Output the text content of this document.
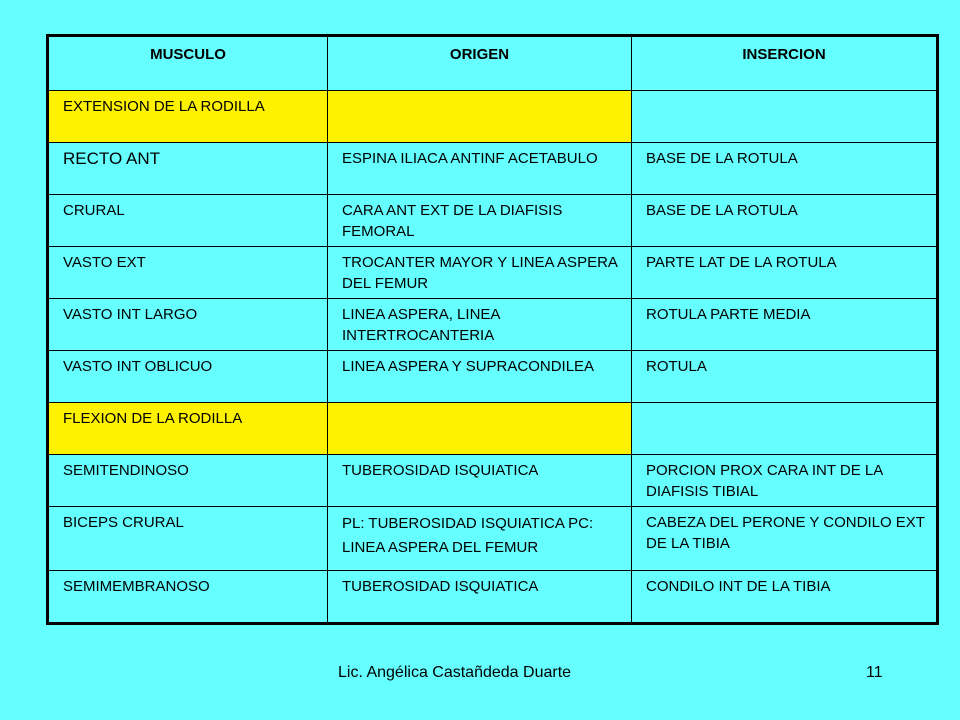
MUSCULO	ORIGEN	INSERCION

EXTENSION DE LA RODILLA		

RECTO ANT	ESPINA ILIACA ANTINF ACETABULO	BASE DE LA ROTULA

CRURAL	CARA ANT EXT DE LA DIAFISIS FEMORAL	BASE DE LA ROTULA

VASTO EXT	TROCANTER MAYOR Y LINEA ASPERA DEL FEMUR	PARTE LAT DE LA ROTULA

VASTO INT LARGO	LINEA ASPERA, LINEA INTERTROCANTERIA	ROTULA PARTE MEDIA

VASTO INT OBLICUO	LINEA ASPERA Y SUPRACONDILEA	ROTULA

FLEXION DE LA RODILLA		

SEMITENDINOSO	TUBEROSIDAD ISQUIATICA	PORCION PROX CARA INT DE LA DIAFISIS TIBIAL

BICEPS CRURAL	PL: TUBEROSIDAD ISQUIATICA PC: LINEA ASPERA DEL FEMUR	CABEZA DEL PERONE Y CONDILO EXT DE LA TIBIA

SEMIMEMBRANOSO	TUBEROSIDAD ISQUIATICA	CONDILO INT DE LA TIBIA
Lic. Angélica Castañdeda Duarte	11
